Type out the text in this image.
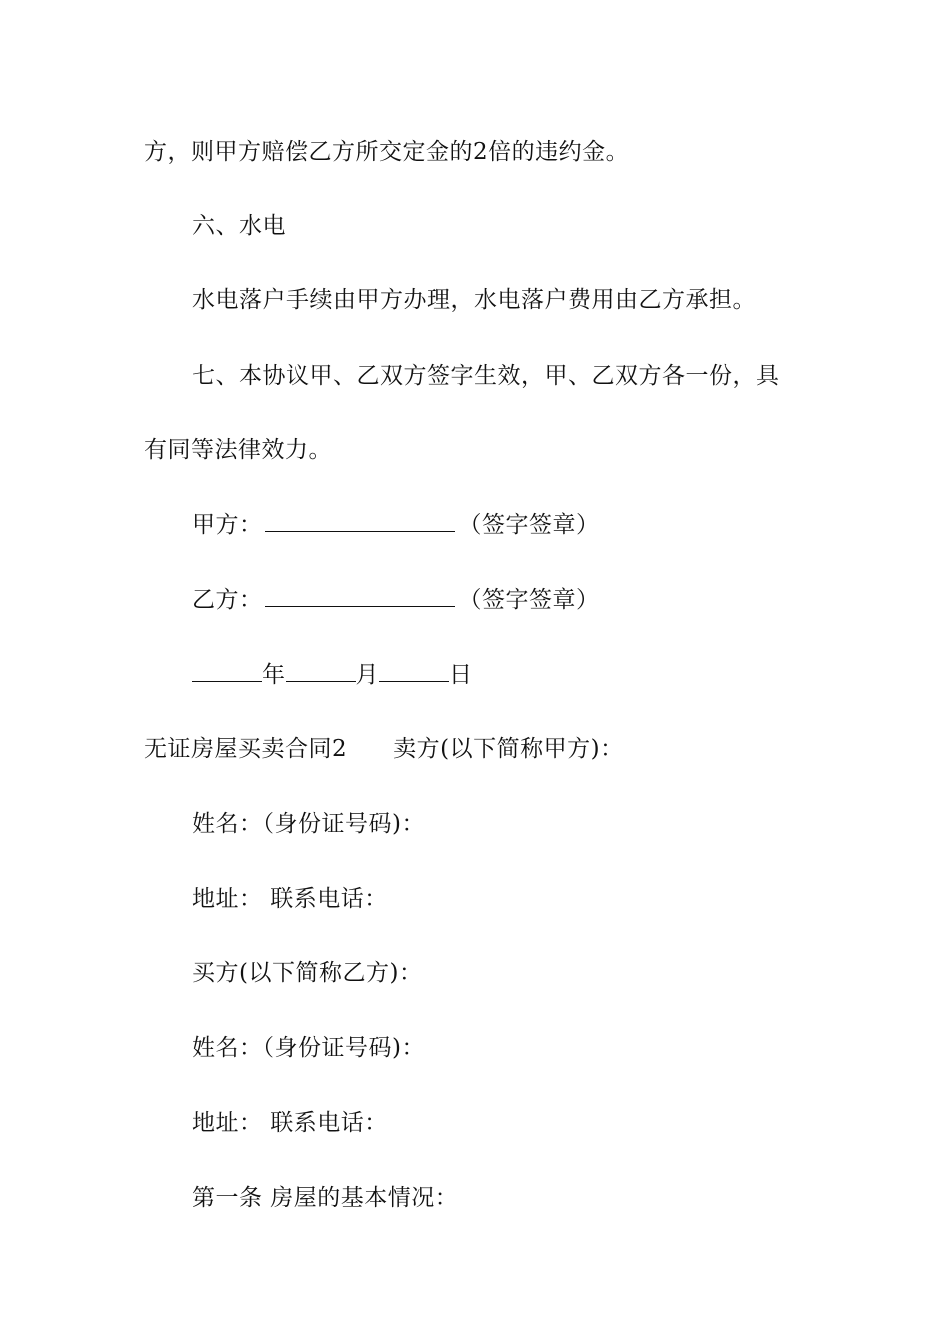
方，则甲方赔偿乙方所交定金的2倍的违约金。
六、水电
水电落户手续由甲方办理，水电落户费用由乙方承担。
七、本协议甲、乙双方签字生效，甲、乙双方各一份，具
有同等法律效力。
甲方：	（签字签章）
乙方：	（签字签章）
年	月	日
无证房屋买卖合同2 卖方(以下简称甲方)：
姓名：（身份证号码)：
地址： 联系电话：
买方(以下简称乙方)：
姓名：（身份证号码)：
地址： 联系电话：
第一条 房屋的基本情况：
